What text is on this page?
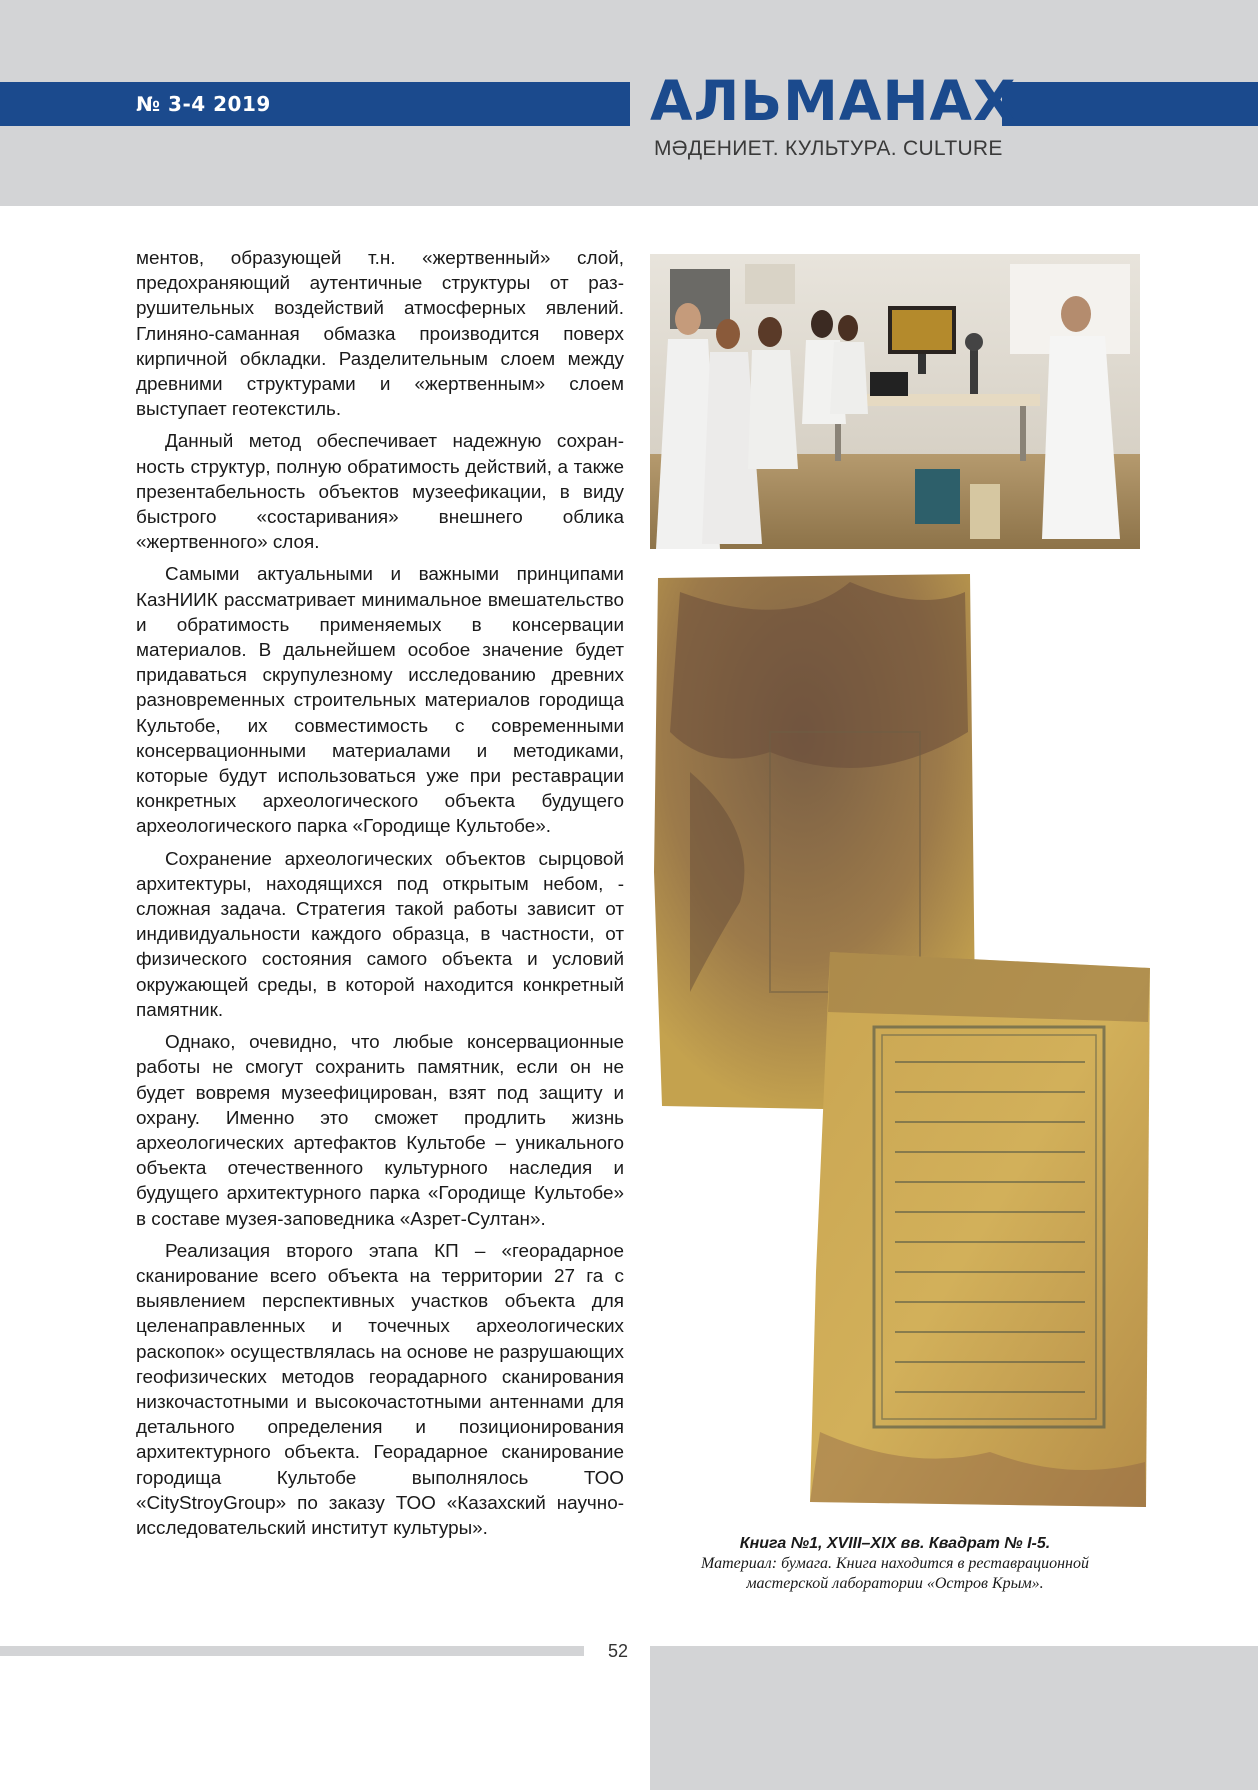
№ 3-4 2019	АЛЬМАНАХ
МӘДЕНИЕТ. КУЛЬТУРА. CULTURE

ментов, образующей т.н. «жертвенный» слой, предохраняющий аутентичные структуры от разрушительных воздействий атмосферных явлений. Глиняно-саманная обмазка производится поверх кирпичной обкладки. Разделительным слоем между древними структурами и «жертвенным» слоем выступает геотекстиль.

Данный метод обеспечивает надежную сохранность структур, полную обратимость действий, а также презентабельность объектов музеефикации, в виду быстрого «состаривания» внешнего облика «жертвенного» слоя.

Самыми актуальными и важными принципами КазНИИК рассматривает минимальное вмешательство и обратимость применяемых в консервации материалов. В дальнейшем особое значение будет придаваться скрупулезному исследованию древних разновременных строительных материалов городища Культобе, их совместимость с современными консервационными материалами и методиками, которые будут использоваться уже при реставрации конкретных археологического объекта будущего археологического парка «Городище Культобе».

Сохранение археологических объектов сырцовой архитектуры, находящихся под открытым небом, - сложная задача. Стратегия такой работы зависит от индивидуальности каждого образца, в частности, от физического состояния самого объекта и условий окружающей среды, в которой находится конкретный памятник.

Однако, очевидно, что любые консервационные работы не смогут сохранить памятник, если он не будет вовремя музеефицирован, взят под защиту и охрану. Именно это сможет продлить жизнь археологических артефактов Культобе – уникального объекта отечественного культурного наследия и будущего архитектурного парка «Городище Культобе» в составе музея-заповедника «Азрет-Султан».

Реализация второго этапа КП – «георадарное сканирование всего объекта на территории 27 га с выявлением перспективных участков объекта для целенаправленных и точечных археологических раскопок» осуществлялась на основе не разрушающих геофизических методов георадарного сканирования низкочастотными и высокочастотными антеннами для детального определения и позиционирования архитектурного объекта. Георадарное сканирование городища Культобе выполнялось ТОО «CityStroyGroup» по заказу ТОО «Казахский научно-исследовательский институт культуры».

Книга №1, XVIII–XIX вв. Квадрат № I-5.
Материал: бумага. Книга находится в реставрационной
мастерской лаборатории «Остров Крым».
52
